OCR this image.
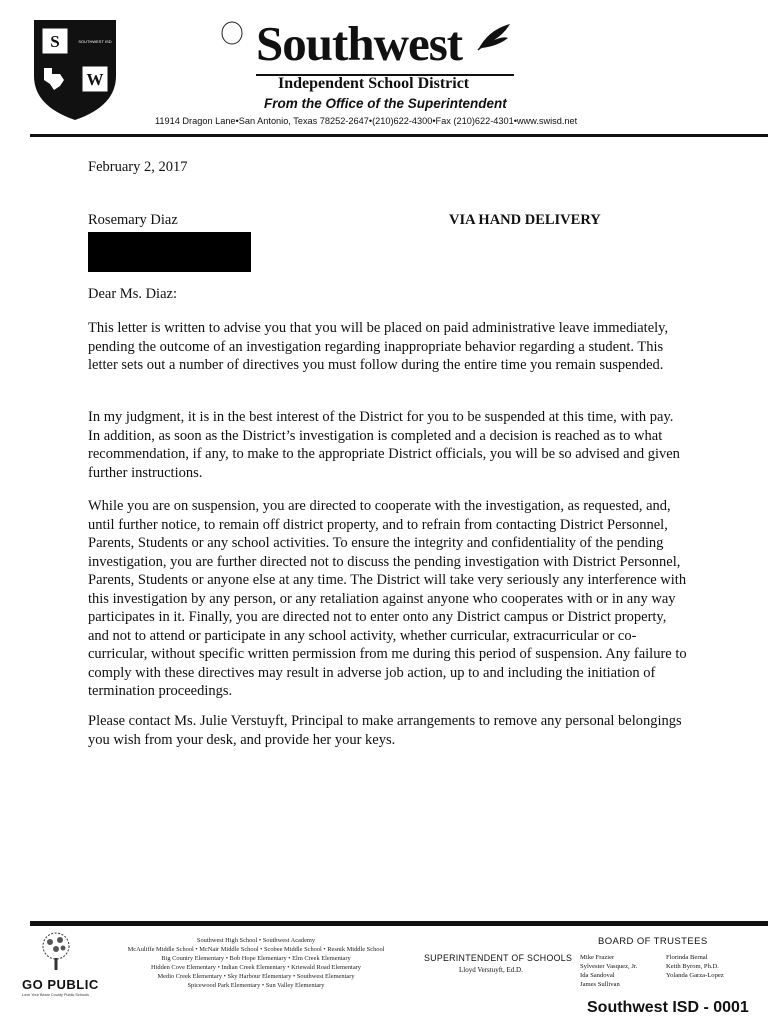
S
W
SOUTHWEST ISD	Southwest
Independent School District
From the Office of the Superintendent
11914 Dragon Lane•San Antonio, Texas 78252-2647•(210)622-4300•Fax (210)622-4301•www.swisd.net
February 2, 2017
Rosemary Diaz	VIA HAND DELIVERY
Dear Ms. Diaz:
This letter is written to advise you that you will be placed on paid administrative leave immediately, pending the outcome of an investigation regarding inappropriate behavior regarding a student. This letter sets out a number of directives you must follow during the entire time you remain suspended.
In my judgment, it is in the best interest of the District for you to be suspended at this time, with pay. In addition, as soon as the District’s investigation is completed and a decision is reached as to what recommendation, if any, to make to the appropriate District officials, you will be so advised and given further instructions.
While you are on suspension, you are directed to cooperate with the investigation, as requested, and, until further notice, to remain off district property, and to refrain from contacting District Personnel, Parents, Students or any school activities. To ensure the integrity and confidentiality of the pending investigation, you are further directed not to discuss the pending investigation with District Personnel, Parents, Students or anyone else at any time. The District will take very seriously any interference with this investigation by any person, or any retaliation against anyone who cooperates with or in any way participates in it. Finally, you are directed not to enter onto any District campus or District property, and not to attend or participate in any school activity, whether curricular, extracurricular or co-curricular, without specific written permission from me during this period of suspension. Any failure to comply with these directives may result in adverse job action, up to and including the initiation of termination proceedings.
Please contact Ms. Julie Verstuyft, Principal to make arrangements to remove any personal belongings you wish from your desk, and provide her your keys.
GO PUBLIC
Love Your Bexar County Public Schools
Southwest High School • Southwest Academy
McAuliffe Middle School • McNair Middle School • Scobee Middle School • Resnik Middle School
Big Country Elementary • Bob Hope Elementary • Elm Creek Elementary
Hidden Cove Elementary • Indian Creek Elementary • Kriewald Road Elementary
Medio Creek Elementary • Sky Harbour Elementary • Southwest Elementary
Spicewood Park Elementary • Sun Valley Elementary
SUPERINTENDENT OF SCHOOLS
Lloyd Verstuyft, Ed.D.
BOARD OF TRUSTEES
Mike Frazier	Florinda Bernal
Sylvester Vasquez, Jr.	Keith Byrom, Ph.D.
Ida Sandoval	Yolanda Garza-Lopez
James Sullivan
Southwest ISD - 0001
